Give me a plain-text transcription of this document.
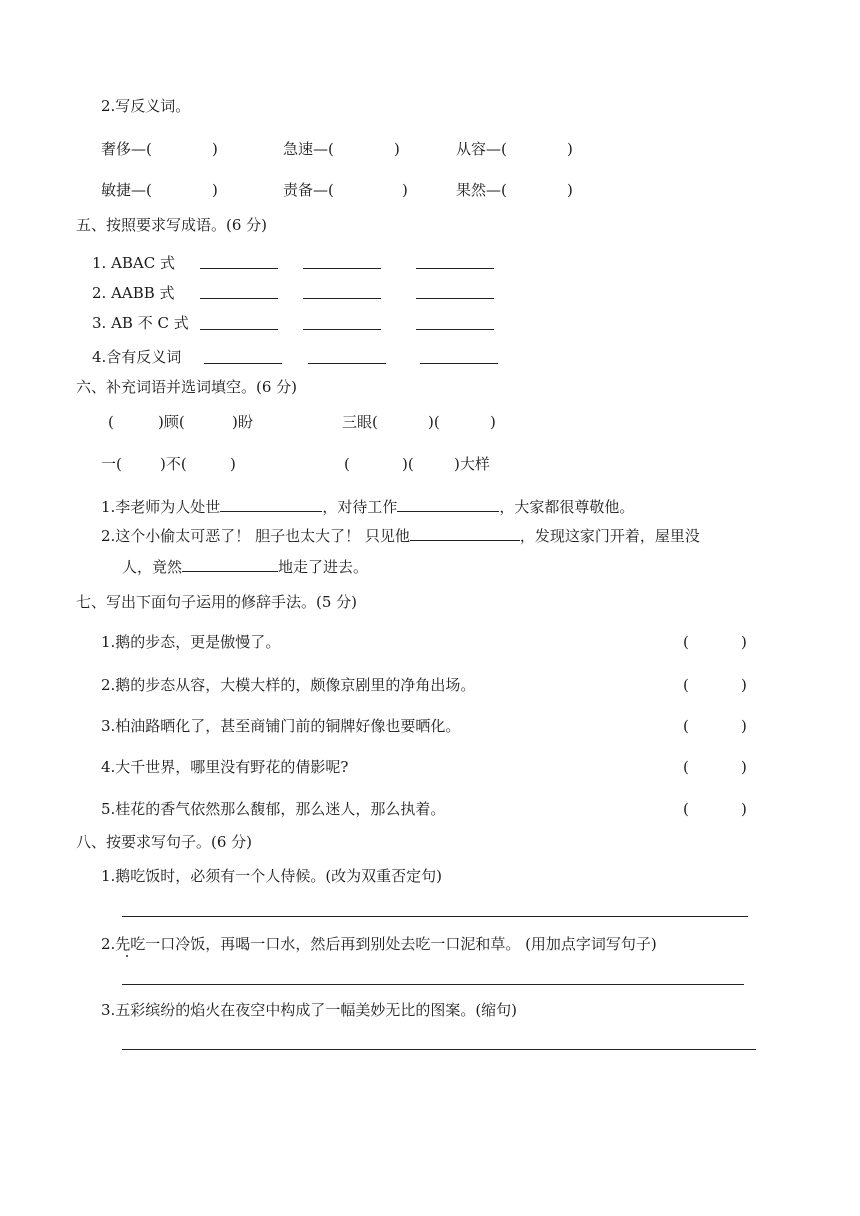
2.写反义词。
奢侈—(	)	急速—(	)	从容—(	)
敏捷—(	)	责备—(	)	果然—(	)
五、按照要求写成语。(6 分)
1. ABAC 式
2. AABB 式
3. AB 不 C 式
4.含有反义词
六、补充词语并选词填空。(6 分)
(	)顾(	)盼	三眼(	)(	)
一(	)不(	)	(	)(	)大样
1.李老师为人处世	，对待工作	，大家都很尊敬他。
2.这个小偷太可恶了！ 胆子也太大了！ 只见他	，发现这家门开着，屋里没
人，竟然	地走了进去。
七、写出下面句子运用的修辞手法。(5 分)
1.鹅的步态，更是傲慢了。	(	)
2.鹅的步态从容，大模大样的，颇像京剧里的净角出场。	(	)
3.柏油路晒化了，甚至商铺门前的铜牌好像也要晒化。	(	)
4.大千世界，哪里没有野花的倩影呢?	(	)
5.桂花的香气依然那么馥郁，那么迷人，那么执着。	(	)
八、按要求写句子。(6 分)
1.鹅吃饭时，必须有一个人侍候。(改为双重否定句)
2.先吃一口冷饭，再喝一口水，然后再到别处去吃一口泥和草。 (用加点字词写句子)
3.五彩缤纷的焰火在夜空中构成了一幅美妙无比的图案。(缩句)
